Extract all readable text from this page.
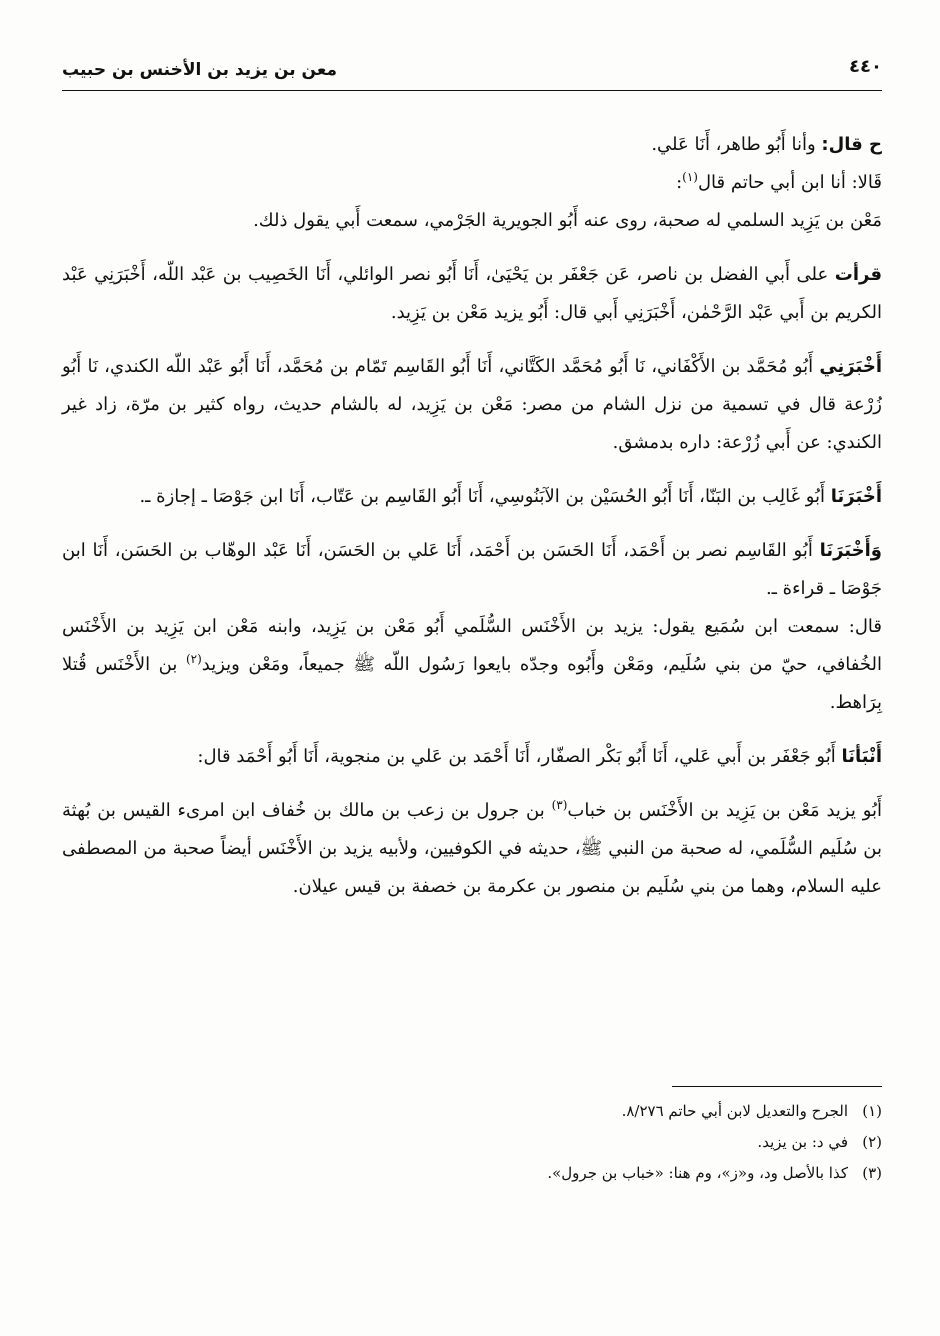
٤٤٠
معن بن يزيد بن الأخنس بن حبيب

ح قال: وأنا أَبُو طاهر، أَنَا عَلي.

قَالا: أنا ابن أبي حاتم قال$^{(١)}$:

مَعْن بن يَزِيد السلمي له صحبة، روى عنه أَبُو الجويرية الجَرْمي، سمعت أَبي يقول ذلك.

قرأت على أَبي الفضل بن ناصر، عَن جَعْفَر بن يَحْيَىٰ، أَنَا أَبُو نصر الوائلي، أَنَا الخَصِيب بن عَبْد اللّه، أَخْبَرَنِي عَبْد الكريم بن أَبي عَبْد الرَّحْمٰن، أَخْبَرَنِي أَبي قال: أَبُو يزيد مَعْن بن يَزِيد.

أَخْبَرَنِي أَبُو مُحَمَّد بن الأَكْفَاني، نَا أَبُو مُحَمَّد الكَتَّاني، أَنَا أَبُو القَاسِم تَمّام بن مُحَمَّد، أَنَا أَبُو عَبْد اللّه الكندي، نَا أَبُو زُرْعة قال في تسمية من نزل الشام من مصر: مَعْن بن يَزِيد، له بالشام حديث، رواه كثير بن مرّة، زاد غير الكندي: عن أَبي زُرْعة: داره بدمشق.

أَخْبَرَنَا أَبُو غَالِب بن البَنّا، أَنَا أَبُو الحُسَيْن بن الآبَنُوسِي، أَنَا أَبُو القَاسِم بن عَتّاب، أَنَا ابن جَوْصَا ـ إجازة ـ.

وَأَخْبَرَنَا أَبُو القَاسِم نصر بن أَحْمَد، أَنَا الحَسَن بن أَحْمَد، أَنَا عَلي بن الحَسَن، أَنَا عَبْد الوهّاب بن الحَسَن، أَنَا ابن جَوْصَا ـ قراءة ـ.

قال: سمعت ابن سُمَيع يقول: يزيد بن الأَخْنَس السُّلَمي أَبُو مَعْن بن يَزِيد، وابنه مَعْن ابن يَزِيد بن الأَخْنَس الخُفافي، حيّ من بني سُلَيم، ومَعْن وأَبُوه وجدّه بايعوا رَسُول اللّه ﷺ جميعاً، ومَعْن ويزيد$^{(٢)}$ بن الأَخْنَس قُتلا بِرَاهط.

أَنْبَأنَا أَبُو جَعْفَر بن أَبي عَلي، أَنَا أَبُو بَكْر الصفّار، أَنَا أَحْمَد بن عَلي بن منجوية، أَنَا أَبُو أَحْمَد قال:

أَبُو يزيد مَعْن بن يَزِيد بن الأَخْنَس بن خباب$^{(٣)}$ بن جرول بن زعب بن مالك بن خُفاف ابن امرىء القيس بن بُهثة بن سُلَيم السُّلَمي، له صحبة من النبي ﷺ، حديثه في الكوفيين، ولأبيه يزيد بن الأَخْنَس أيضاً صحبة من المصطفى عليه السلام، وهما من بني سُلَيم بن منصور بن عكرمة بن خصفة بن قيس عيلان.

(١)الجرح والتعديل لابن أبي حاتم ٨/٢٧٦.
(٢)في د: بن يزيد.
(٣)كذا بالأصل ود، و«ز»، وم هنا: «خباب بن جرول».
